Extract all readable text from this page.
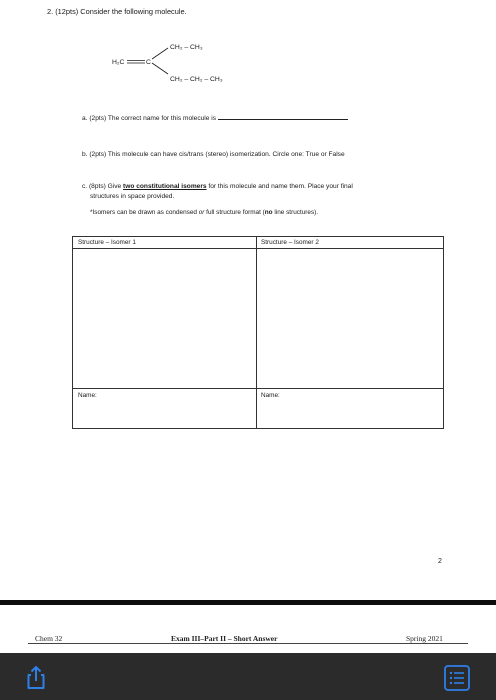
2. (12pts) Consider the following molecule.
H₂C	C
CH₂ – CH₃
CH₂ – CH₂ – CH₃
a. (2pts) The correct name for this molecule is
b. (2pts) This molecule can have cis/trans (stereo) isomerization. Circle one: True or False
c. (8pts) Give two constitutional isomers for this molecule and name them. Place your final
structures in space provided.
*Isomers can be drawn as condensed or full structure format (no line structures).
Structure – Isomer 1	Structure – Isomer 2
Name:	Name:
2
Chem 32	Exam III–Part II – Short Answer	Spring 2021
